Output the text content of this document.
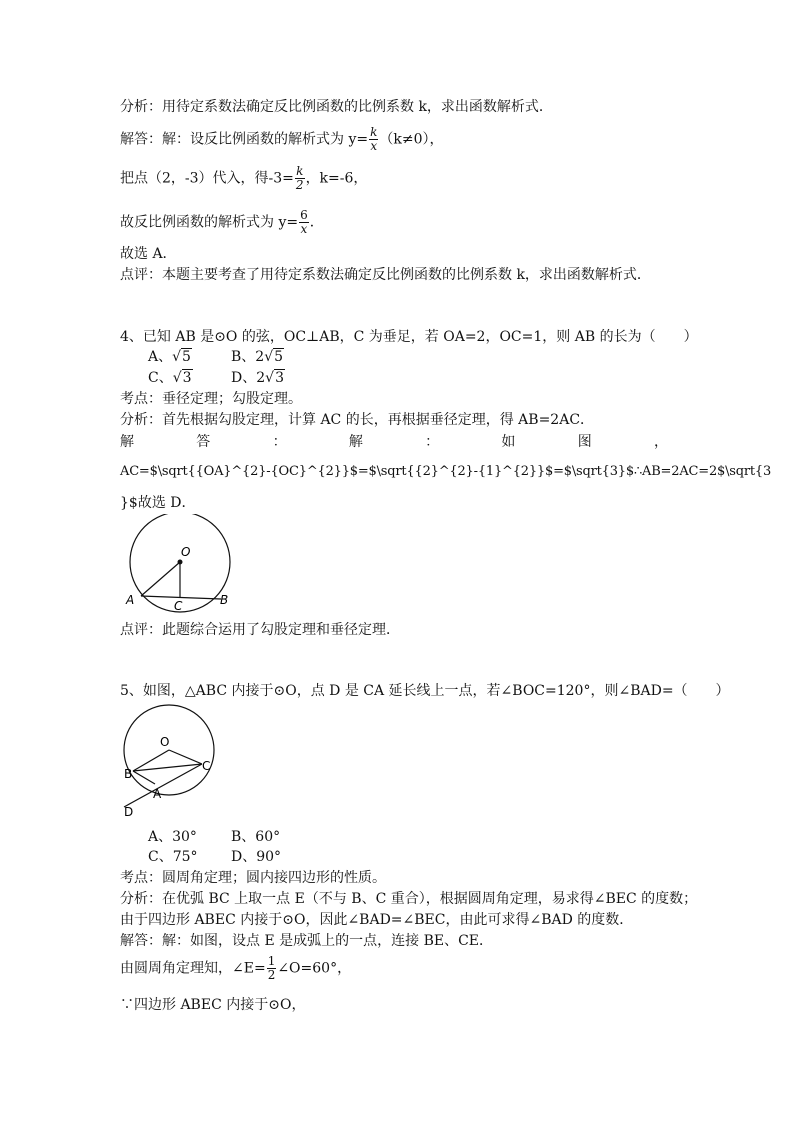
分析：用待定系数法确定反比例函数的比例系数 k，求出函数解析式．
解答：解：设反比例函数的解析式为 $y= \frac{k}{x} (k\ne 0)$，
把点（2，-3）代入，得$-3= \frac{k}{2}$ ，k=-6，
故反比例函数的解析式为 $y= \frac{6}{x}$ ．
故选 A．
点评：本题主要考查了用待定系数法确定反比例函数的比例系数 k，求出函数解析式．
4、已知 AB 是⊙O 的弦，OC⊥AB，C 为垂足，若 OA=2，OC=1，则 AB 的长为（　　）
A、√5	B、2√5
C、√3	D、2√3
考点：垂径定理；勾股定理。
分析：首先根据勾股定理，计算 AC 的长，再根据垂径定理，得 AB=2AC．
解	答	：	解	：	如	图	，
AC=$\sqrt{{OA}^{2}-{OC}^{2}}$=$\sqrt{{2}^{2}-{1}^{2}}$=$\sqrt{3}$∴AB=2AC=2$\sqrt{3
}$故选 D．
O
A	C	B
点评：此题综合运用了勾股定理和垂径定理．
5、如图，△ABC 内接于⊙O，点 D 是 CA 延长线上一点，若∠BOC=120°，则∠BAD=（　　）
O
B
C
A
D
A、30° B、60°
C、75° D、90°
考点：圆周角定理；圆内接四边形的性质。
分析：在优弧 BC 上取一点 E（不与 B、C 重合），根据圆周角定理，易求得∠BEC 的度数；
由于四边形 ABEC 内接于⊙O，因此∠BAD=∠BEC，由此可求得∠BAD 的度数．
解答：解：如图，设点 E 是成弧上的一点，连接 BE、CE．
由圆周角定理知，∠E= $\frac{1}{2}$ ∠O=60°，
∵四边形 ABEC 内接于⊙O，
